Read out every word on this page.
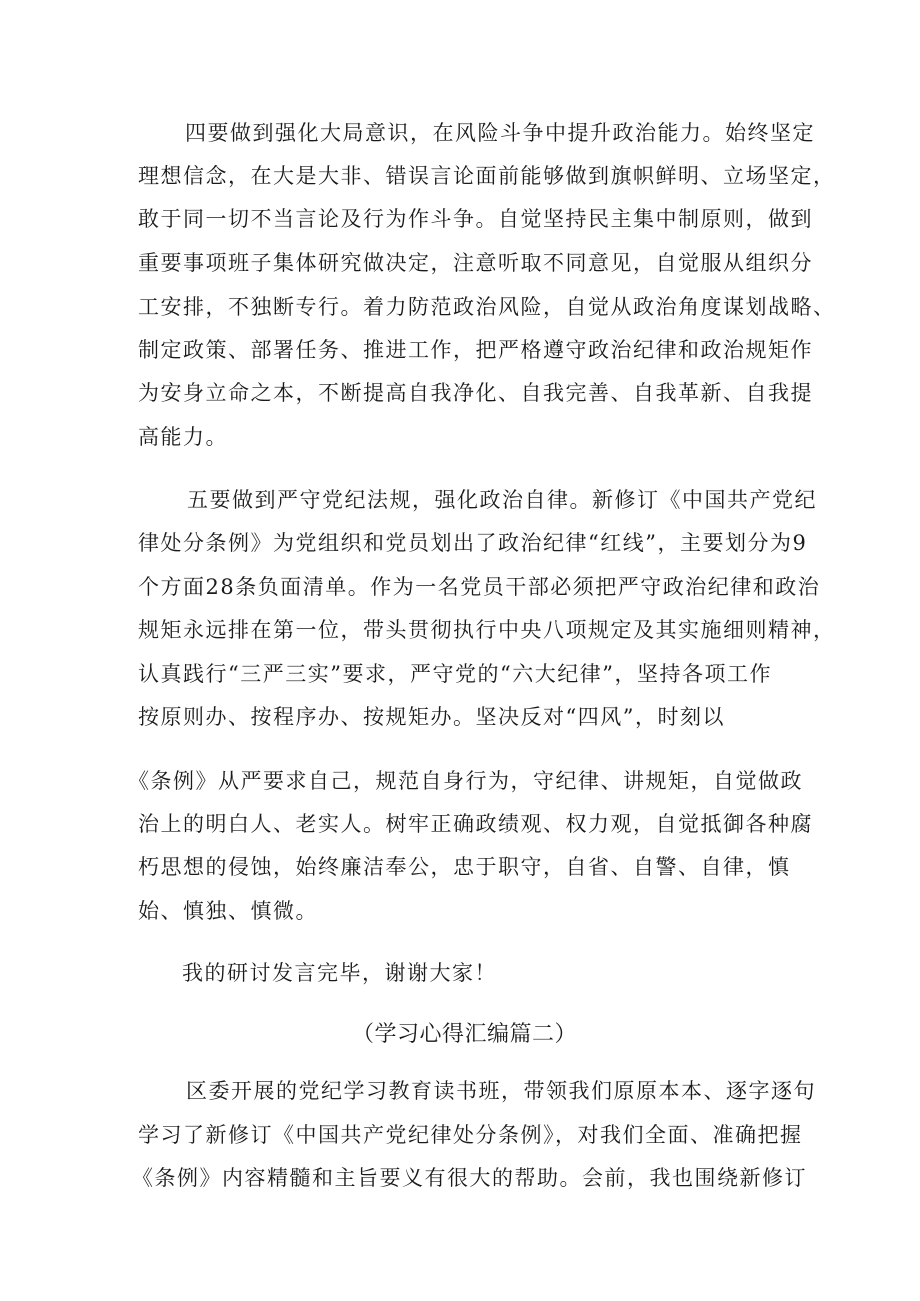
四要做到强化大局意识，在风险斗争中提升政治能力。始终坚定
理想信念，在大是大非、错误言论面前能够做到旗帜鲜明、立场坚定，
敢于同一切不当言论及行为作斗争。自觉坚持民主集中制原则，做到
重要事项班子集体研究做决定，注意听取不同意见，自觉服从组织分
工安排，不独断专行。着力防范政治风险，自觉从政治角度谋划战略、
制定政策、部署任务、推进工作，把严格遵守政治纪律和政治规矩作
为安身立命之本，不断提高自我净化、自我完善、自我革新、自我提
高能力。
五要做到严守党纪法规，强化政治自律。新修订《中国共产党纪
律处分条例》为党组织和党员划出了政治纪律“红线”，主要划分为9
个方面28条负面清单。作为一名党员干部必须把严守政治纪律和政治
规矩永远排在第一位，带头贯彻执行中央八项规定及其实施细则精神，
认真践行“三严三实”要求，严守党的“六大纪律”，坚持各项工作
按原则办、按程序办、按规矩办。坚决反对“四风”，时刻以
《条例》从严要求自己，规范自身行为，守纪律、讲规矩，自觉做政
治上的明白人、老实人。树牢正确政绩观、权力观，自觉抵御各种腐
朽思想的侵蚀，始终廉洁奉公，忠于职守，自省、自警、自律，慎
始、慎独、慎微。
我的研讨发言完毕，谢谢大家！
（学习心得汇编篇二）
区委开展的党纪学习教育读书班，带领我们原原本本、逐字逐句
学习了新修订《中国共产党纪律处分条例》，对我们全面、准确把握
《条例》内容精髓和主旨要义有很大的帮助。会前，我也围绕新修订
